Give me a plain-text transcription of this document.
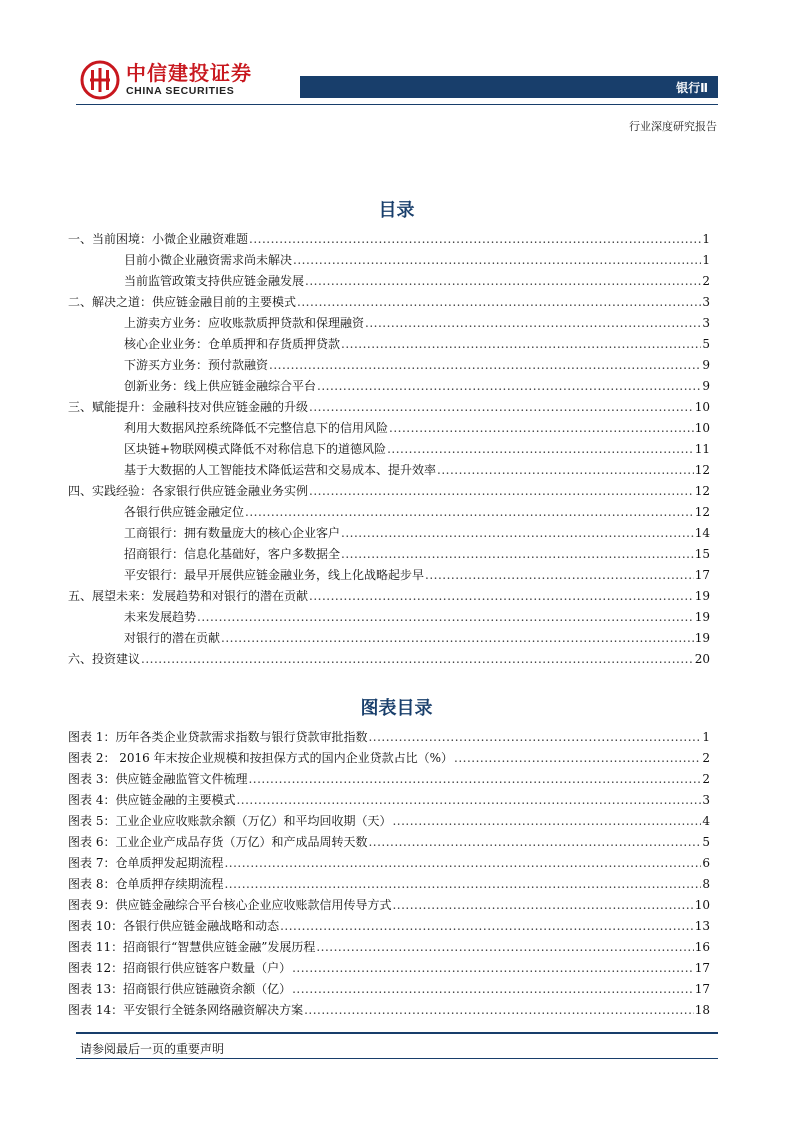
中信建投证券
CHINA SECURITIES	银行Ⅱ
行业深度研究报告
目录
一、当前困境：小微企业融资难题 .....	1
目前小微企业融资需求尚未解决 .....	1
当前监管政策支持供应链金融发展 .....	2
二、解决之道：供应链金融目前的主要模式 .....	3
上游卖方业务：应收账款质押贷款和保理融资 .....	3
核心企业业务：仓单质押和存货质押贷款 .....	5
下游买方业务：预付款融资 .....	9
创新业务：线上供应链金融综合平台 .....	9
三、赋能提升：金融科技对供应链金融的升级 .....	10
利用大数据风控系统降低不完整信息下的信用风险 .....	10
区块链+物联网模式降低不对称信息下的道德风险 .....	11
基于大数据的人工智能技术降低运营和交易成本、提升效率 .....	12
四、实践经验：各家银行供应链金融业务实例 .....	12
各银行供应链金融定位 .....	12
工商银行：拥有数量庞大的核心企业客户 .....	14
招商银行：信息化基础好，客户多数据全 .....	15
平安银行：最早开展供应链金融业务，线上化战略起步早 .....	17
五、展望未来：发展趋势和对银行的潜在贡献 .....	19
未来发展趋势 .....	19
对银行的潜在贡献 .....	19
六、投资建议 .....	20
图表目录
图表 1：历年各类企业贷款需求指数与银行贷款审批指数 .....	1
图表 2： 2016 年末按企业规模和按担保方式的国内企业贷款占比（%） .....	2
图表 3：供应链金融监管文件梳理 .....	2
图表 4：供应链金融的主要模式 .....	3
图表 5：工业企业应收账款余额（万亿）和平均回收期（天） .....	4
图表 6：工业企业产成品存货（万亿）和产成品周转天数 .....	5
图表 7：仓单质押发起期流程 .....	6
图表 8：仓单质押存续期流程 .....	8
图表 9：供应链金融综合平台核心企业应收账款信用传导方式 .....	10
图表 10：各银行供应链金融战略和动态 .....	13
图表 11：招商银行“智慧供应链金融”发展历程 .....	16
图表 12：招商银行供应链客户数量（户） .....	17
图表 13：招商银行供应链融资余额（亿） .....	17
图表 14：平安银行全链条网络融资解决方案 .....	18
请参阅最后一页的重要声明
